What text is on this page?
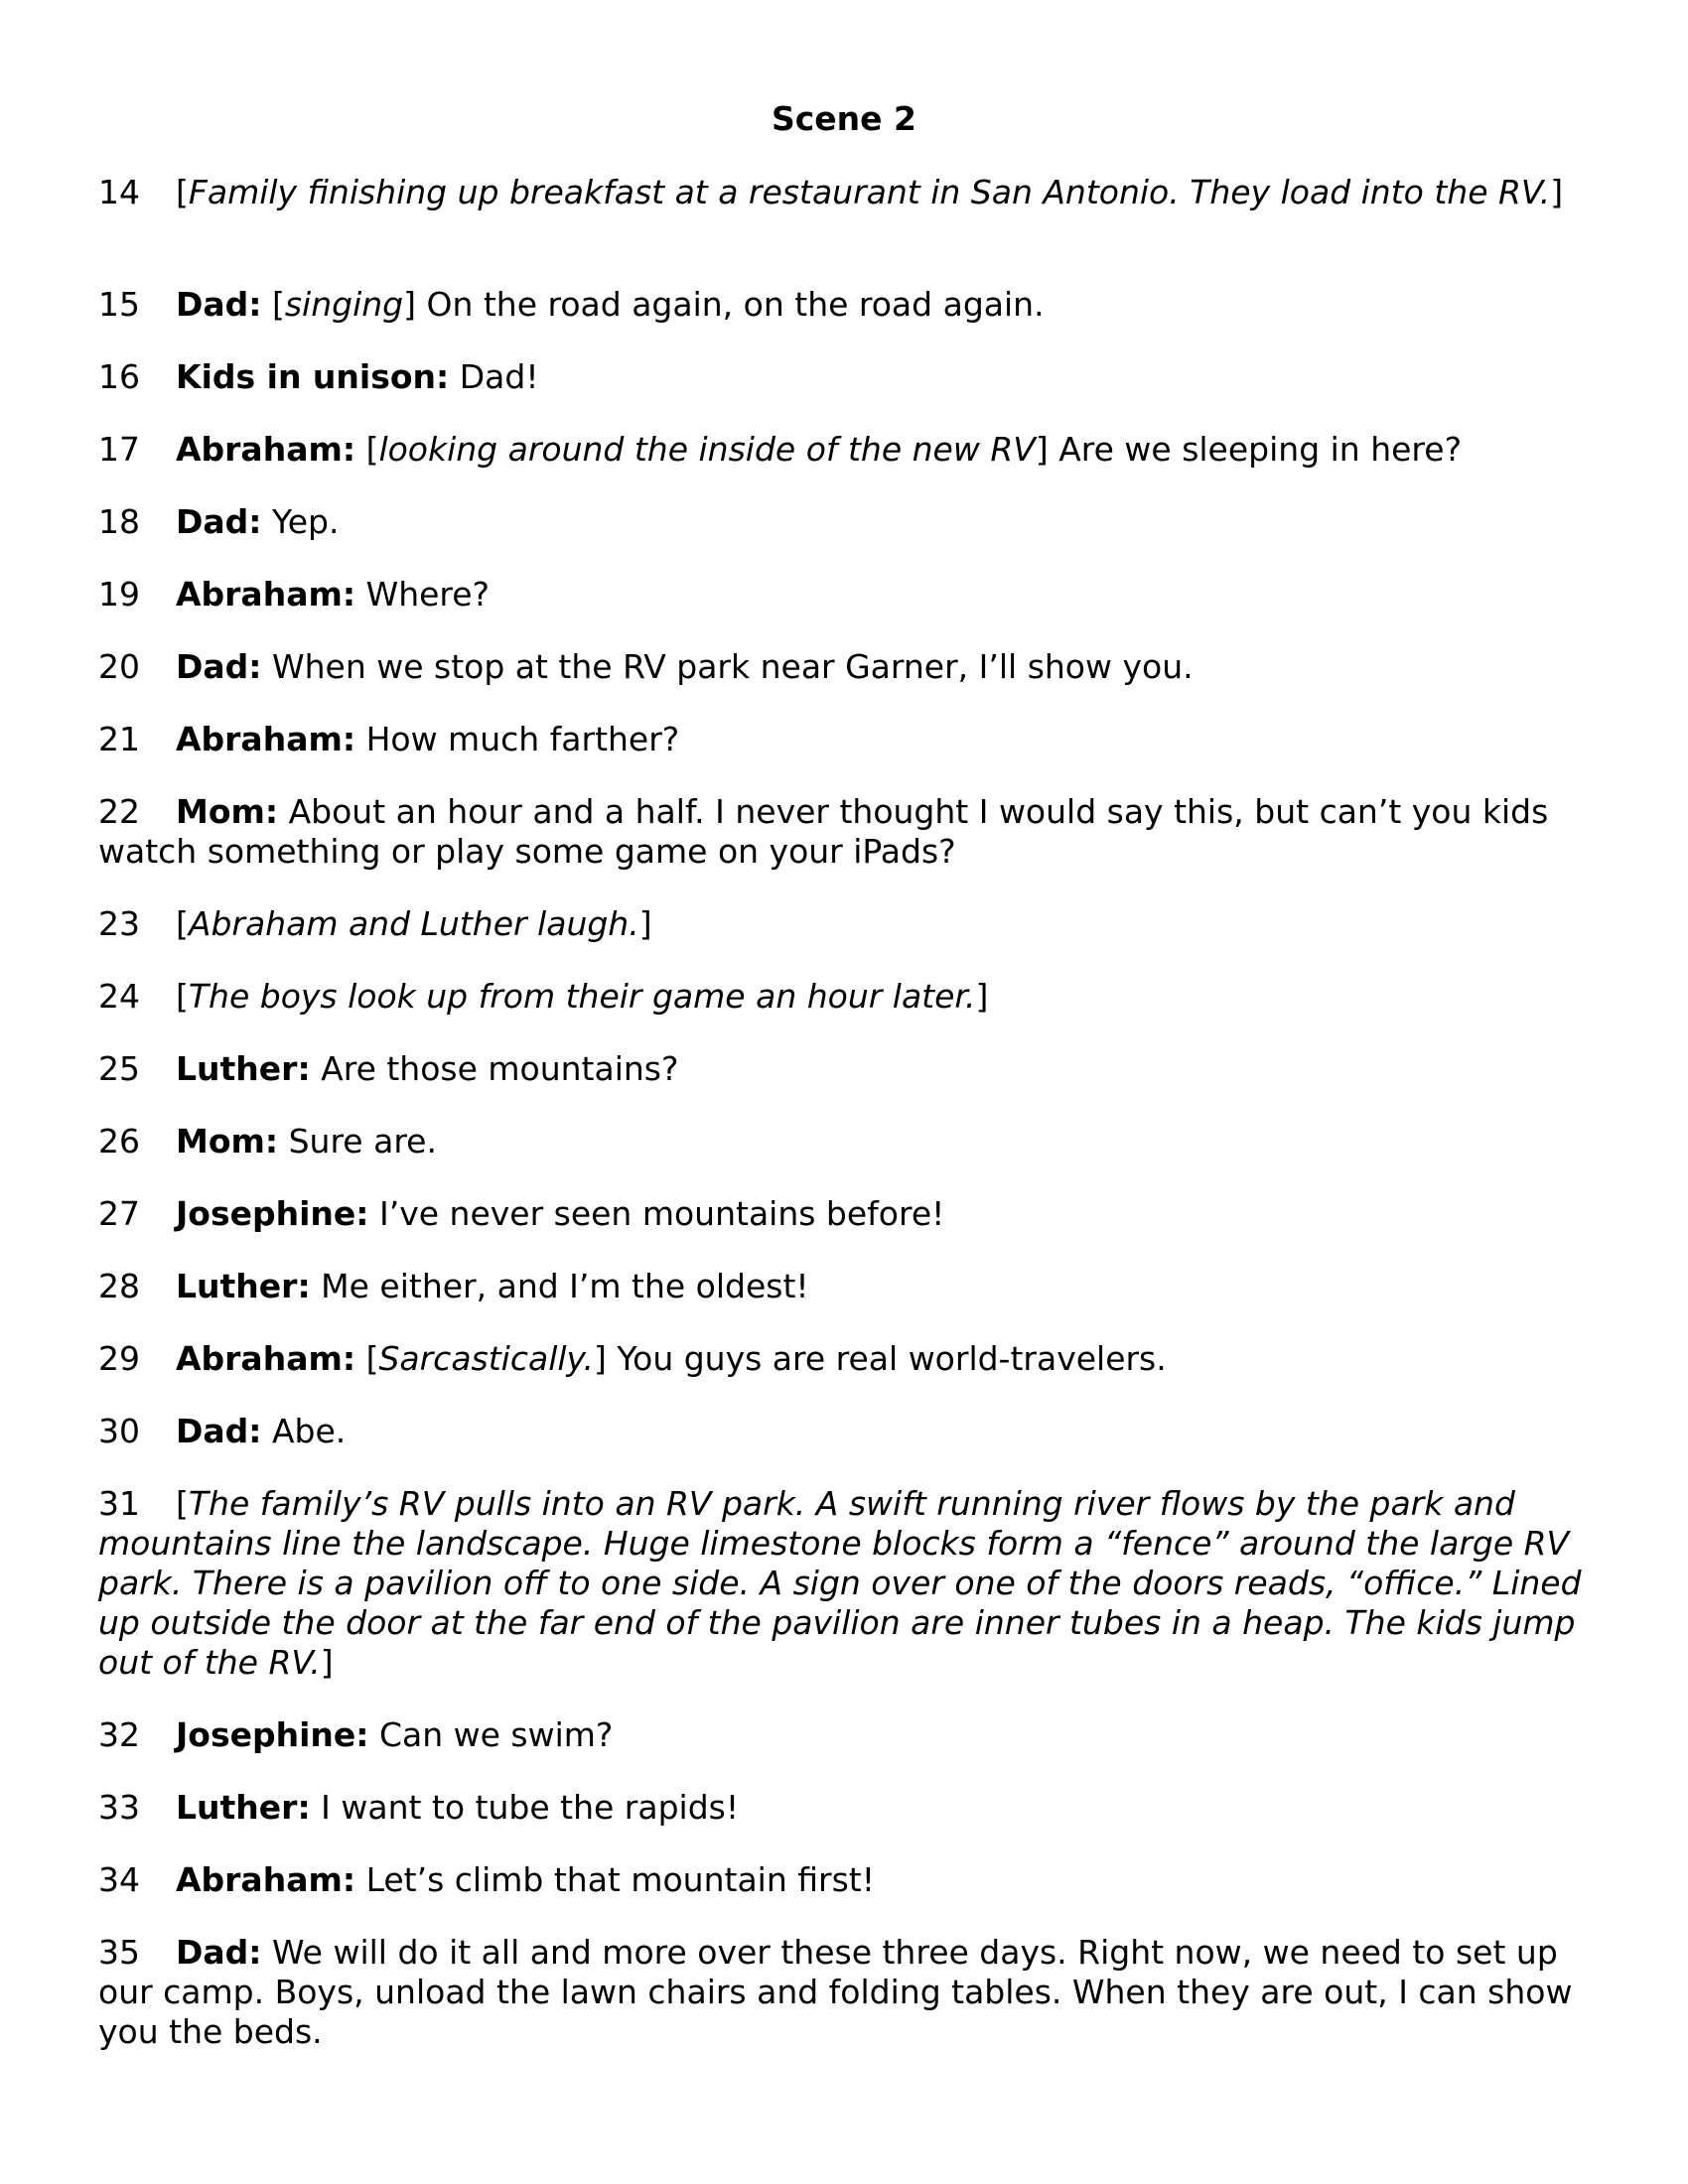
Scene 2

14 [Family finishing up breakfast at a restaurant in San Antonio. They load into the RV.]

15 Dad: [singing] On the road again, on the road again.

16 Kids in unison: Dad!

17 Abraham: [looking around the inside of the new RV] Are we sleeping in here?

18 Dad: Yep.

19 Abraham: Where?

20 Dad: When we stop at the RV park near Garner, I’ll show you.

21 Abraham: How much farther?

22 Mom: About an hour and a half. I never thought I would say this, but can’t you kids watch something or play some game on your iPads?

23 [Abraham and Luther laugh.]

24 [The boys look up from their game an hour later.]

25 Luther: Are those mountains?

26 Mom: Sure are.

27 Josephine: I’ve never seen mountains before!

28 Luther: Me either, and I’m the oldest!

29 Abraham: [Sarcastically.] You guys are real world-travelers.

30 Dad: Abe.

31 [The family’s RV pulls into an RV park. A swift running river flows by the park and mountains line the landscape. Huge limestone blocks form a “fence” around the large RV park. There is a pavilion off to one side. A sign over one of the doors reads, “office.” Lined up outside the door at the far end of the pavilion are inner tubes in a heap. The kids jump out of the RV.]

32 Josephine: Can we swim?

33 Luther: I want to tube the rapids!

34 Abraham: Let’s climb that mountain first!

35 Dad: We will do it all and more over these three days. Right now, we need to set up our camp. Boys, unload the lawn chairs and folding tables. When they are out, I can show you the beds.
